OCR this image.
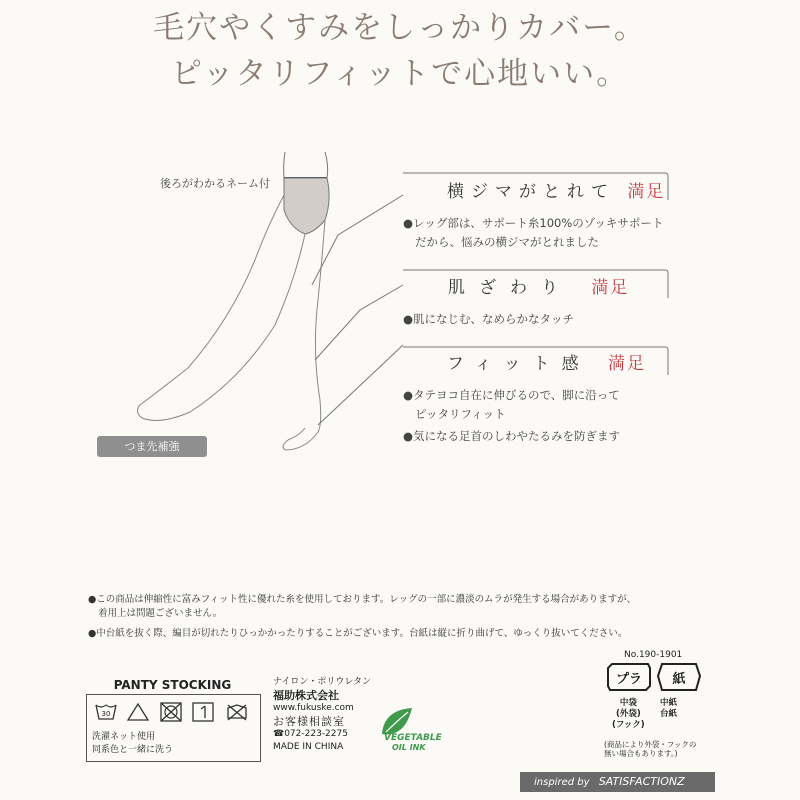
毛穴やくすみをしっかりカバー。
ピッタリフィットで心地いい。
後ろがわかるネーム付
つま先補強
横ジマがとれて 満足
●レッグ部は、サポート糸100%のゾッキサポート
だから、悩みの横ジマがとれました
肌ざわり 満足
●肌になじむ、なめらかなタッチ
フィット感 満足
●タテヨコ自在に伸びるので、脚に沿って
ピッタリフィット
●気になる足首のしわやたるみを防ぎます
●この商品は伸縮性に富みフィット性に優れた糸を使用しております。レッグの一部に濃淡のムラが発生する場合がありますが、
着用上は問題ございません。
●中台紙を抜く際、編目が切れたりひっかかったりすることがございます。台紙は縦に折り曲げて、ゆっくり抜いてください。
PANTY STOCKING
30
洗濯ネット使用
同系色と一緒に洗う
ナイロン・ポリウレタン
福助株式会社
www.fukuske.com
お客様相談室
☎072-223-2275
MADE IN CHINA
VEGETABLE
OIL INK
No.190-1901
プラ 紙
中袋
(外袋)
(フック)
中紙
台紙
(商品により外袋・フックの
無い場合もあります。)
inspired by SATISFACTIONZ
